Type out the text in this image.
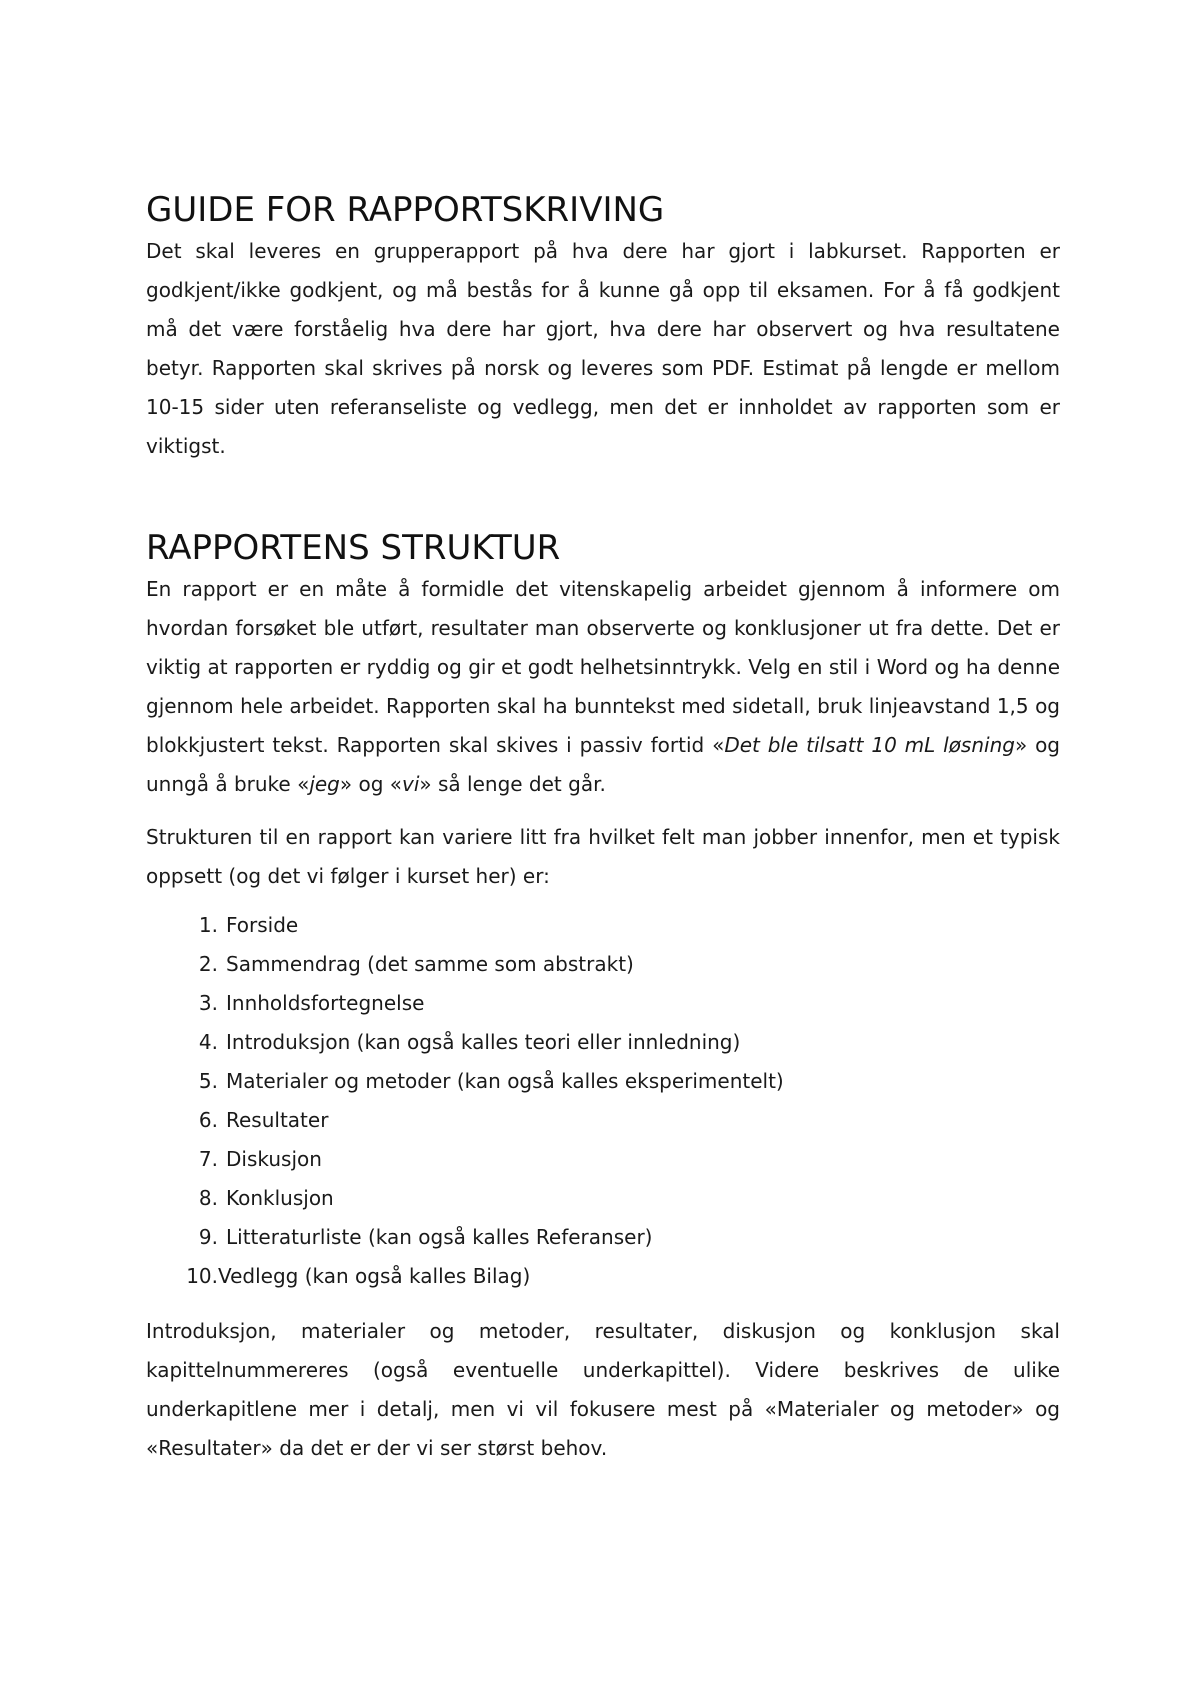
GUIDE FOR RAPPORTSKRIVING

Det skal leveres en grupperapport på hva dere har gjort i labkurset. Rapporten er godkjent/ikke godkjent, og må bestås for å kunne gå opp til eksamen. For å få godkjent må det være forståelig hva dere har gjort, hva dere har observert og hva resultatene betyr. Rapporten skal skrives på norsk og leveres som PDF. Estimat på lengde er mellom 10-15 sider uten referanseliste og vedlegg, men det er innholdet av rapporten som er viktigst.

RAPPORTENS STRUKTUR

En rapport er en måte å formidle det vitenskapelig arbeidet gjennom å informere om hvordan forsøket ble utført, resultater man observerte og konklusjoner ut fra dette. Det er viktig at rapporten er ryddig og gir et godt helhetsinntrykk. Velg en stil i Word og ha denne gjennom hele arbeidet. Rapporten skal ha bunntekst med sidetall, bruk linjeavstand 1,5 og blokkjustert tekst. Rapporten skal skives i passiv fortid «Det ble tilsatt 10 mL løsning» og unngå å bruke «jeg» og «vi» så lenge det går.

Strukturen til en rapport kan variere litt fra hvilket felt man jobber innenfor, men et typisk oppsett (og det vi følger i kurset her) er:

1. Forside
2. Sammendrag (det samme som abstrakt)
3. Innholdsfortegnelse
4. Introduksjon (kan også kalles teori eller innledning)
5. Materialer og metoder (kan også kalles eksperimentelt)
6. Resultater
7. Diskusjon
8. Konklusjon
9. Litteraturliste (kan også kalles Referanser)
10. Vedlegg (kan også kalles Bilag)

Introduksjon, materialer og metoder, resultater, diskusjon og konklusjon skal kapittelnummereres (også eventuelle underkapittel). Videre beskrives de ulike underkapitlene mer i detalj, men vi vil fokusere mest på «Materialer og metoder» og «Resultater» da det er der vi ser størst behov.
